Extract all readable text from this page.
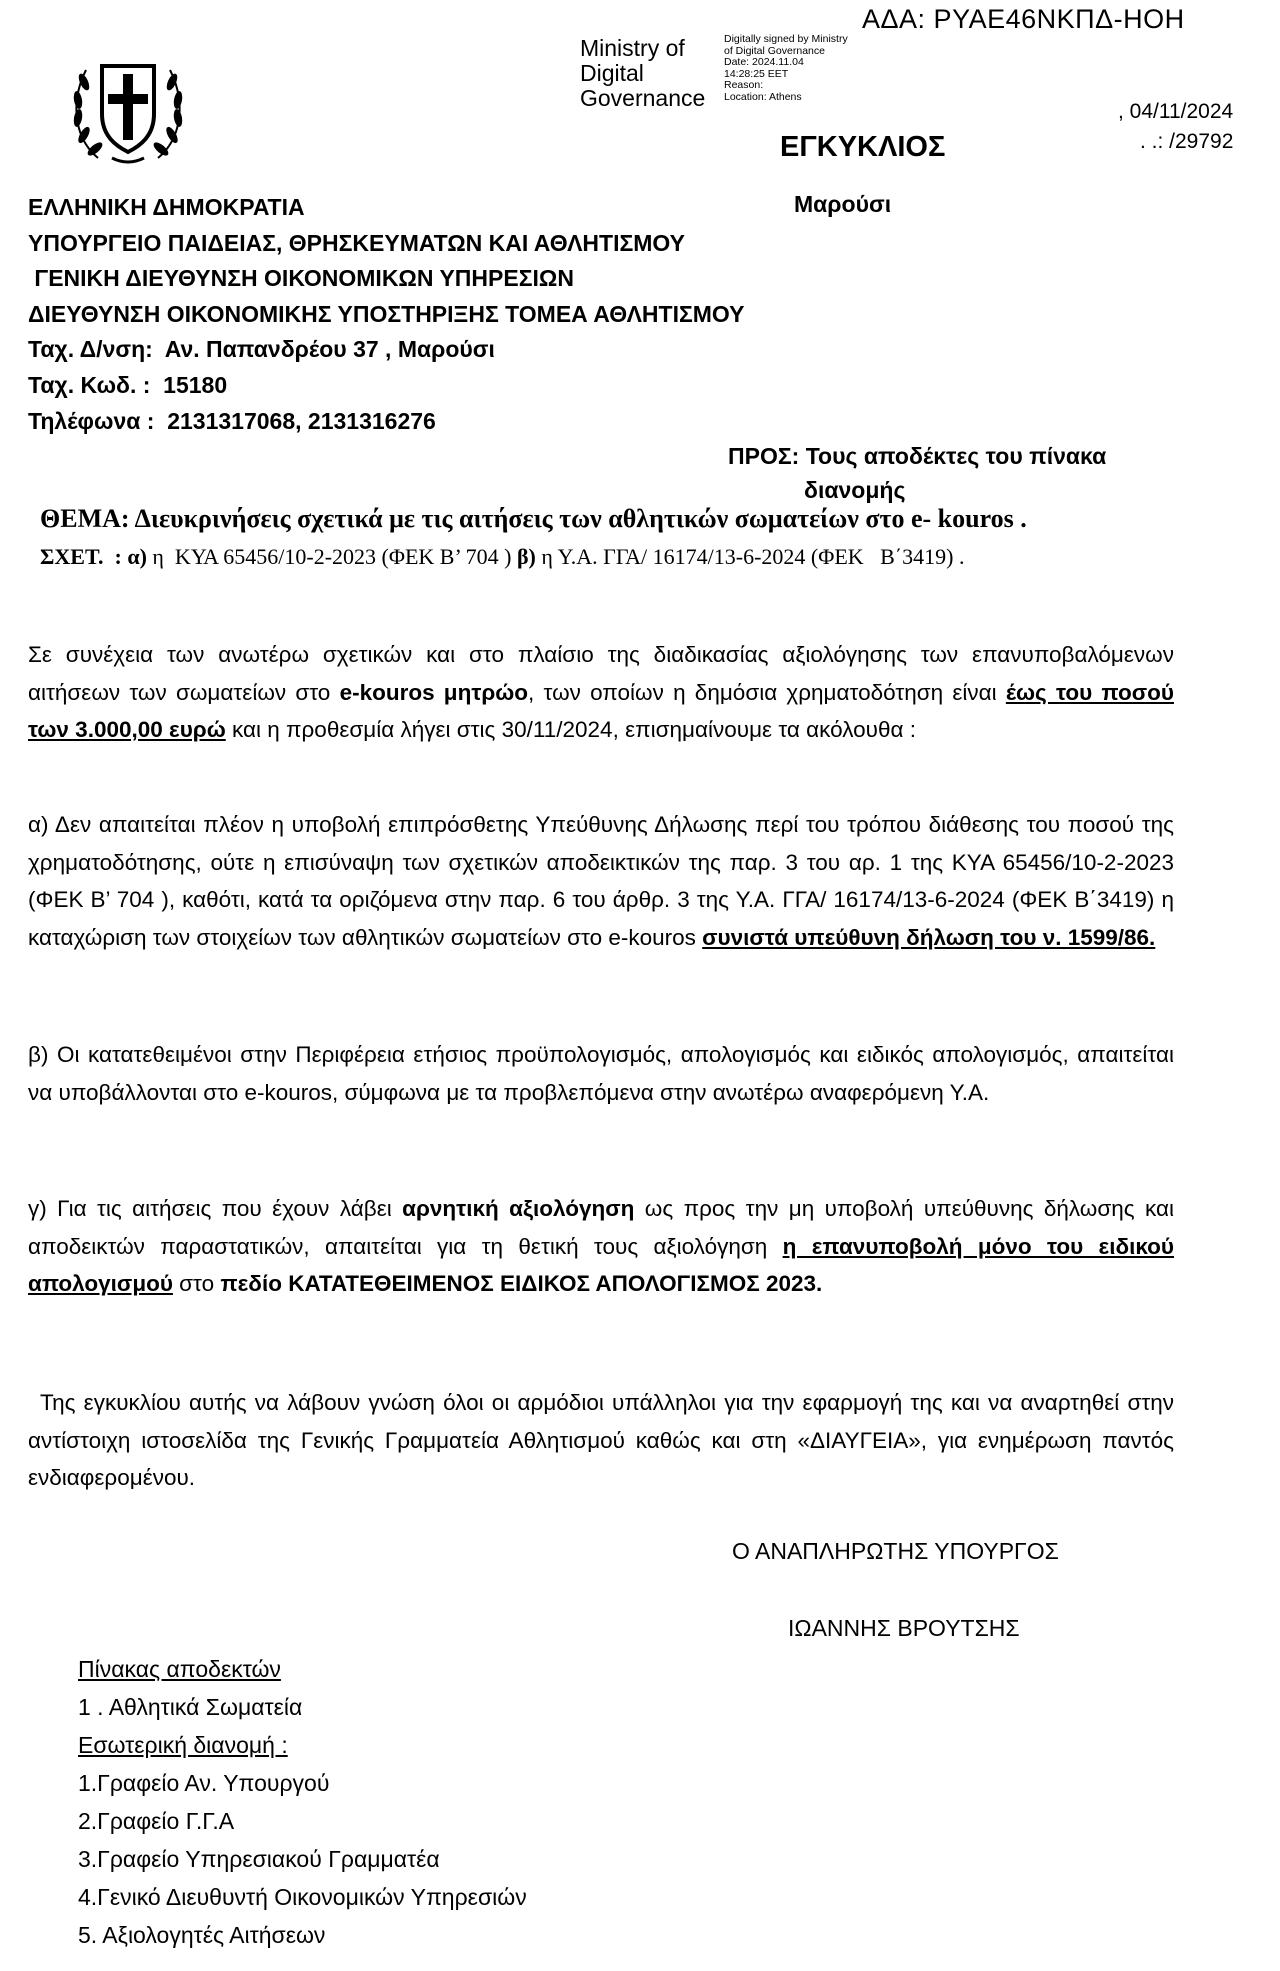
Ministry of
Digital
Governance
Digitally signed by Ministry
of Digital Governance
Date: 2024.11.04
14:28:25 EET
Reason:
Location: Athens
ΑΔΑ: ΡΥΑΕ46ΝΚΠΔ-ΗΟΗ
, 04/11/2024
. .: /29792
ΕΓΚΥΚΛΙΟΣ
Μαρούσι
ΕΛΛΗΝΙΚΗ ΔΗΜΟΚΡΑΤΙΑ
ΥΠΟΥΡΓΕΙΟ ΠΑΙΔΕΙΑΣ, ΘΡΗΣΚΕΥΜΑΤΩΝ ΚΑΙ ΑΘΛΗΤΙΣΜΟΥ
ΓΕΝΙΚΗ ΔΙΕΥΘΥΝΣΗ ΟΙΚΟΝΟΜΙΚΩΝ ΥΠΗΡΕΣΙΩΝ
ΔΙΕΥΘΥΝΣΗ ΟΙΚΟΝΟΜΙΚΗΣ ΥΠΟΣΤΗΡΙΞΗΣ ΤΟΜΕΑ ΑΘΛΗΤΙΣΜΟΥ
Ταχ. Δ/νση:  Αν. Παπανδρέου 37 , Μαρούσι
Ταχ. Κωδ. :  15180
Τηλέφωνα :  2131317068, 2131316276
ΠΡΟΣ: Τους αποδέκτες του πίνακα
διανομής
ΘΕΜΑ: Διευκρινήσεις σχετικά με τις αιτήσεις των αθλητικών σωματείων στο e- kouros .
ΣΧΕΤ.  : α) η  ΚΥΑ 65456/10-2-2023 (ΦΕΚ Β’ 704 ) β) η Υ.Α. ΓΓΑ/ 16174/13-6-2024 (ΦΕΚ   Β΄3419) .
Σε συνέχεια των ανωτέρω σχετικών και στο πλαίσιο της διαδικασίας αξιολόγησης των επανυποβαλόμενων αιτήσεων των σωματείων στο e-kouros μητρώο, των οποίων η δημόσια χρηματοδότηση είναι έως του ποσού των 3.000,00 ευρώ και η προθεσμία λήγει στις 30/11/2024, επισημαίνουμε τα ακόλουθα :
α) Δεν απαιτείται πλέον η υποβολή επιπρόσθετης Υπεύθυνης Δήλωσης περί του τρόπου διάθεσης του ποσού της χρηματοδότησης, ούτε η επισύναψη των σχετικών αποδεικτικών της παρ. 3 του αρ. 1 της ΚΥΑ 65456/10-2-2023 (ΦΕΚ Β’ 704 ), καθότι, κατά τα οριζόμενα στην παρ. 6 του άρθρ. 3 της Υ.Α. ΓΓΑ/ 16174/13-6-2024 (ΦΕΚ Β΄3419) η καταχώριση των στοιχείων των αθλητικών σωματείων στο e-kouros συνιστά υπεύθυνη δήλωση του ν. 1599/86.
β) Οι κατατεθειμένοι στην Περιφέρεια ετήσιος προϋπολογισμός, απολογισμός και ειδικός απολογισμός, απαιτείται να υποβάλλονται στο e-kouros, σύμφωνα με τα προβλεπόμενα στην ανωτέρω αναφερόμενη Υ.Α.
γ) Για τις αιτήσεις που έχουν λάβει αρνητική αξιολόγηση ως προς την μη υποβολή υπεύθυνης δήλωσης και αποδεικτών παραστατικών, απαιτείται για τη θετική τους αξιολόγηση η επανυποβολή μόνο του ειδικού απολογισμού στο πεδίο ΚΑΤΑΤΕΘΕΙΜΕΝΟΣ ΕΙΔΙΚΟΣ ΑΠΟΛΟΓΙΣΜΟΣ 2023.
Της εγκυκλίου αυτής να λάβουν γνώση όλοι οι αρμόδιοι υπάλληλοι για την εφαρμογή της και να αναρτηθεί στην αντίστοιχη ιστοσελίδα της Γενικής Γραμματεία Αθλητισμού καθώς και στη «ΔΙΑΥΓΕΙΑ», για ενημέρωση παντός ενδιαφερομένου.
Ο ΑΝΑΠΛΗΡΩΤΗΣ ΥΠΟΥΡΓΟΣ
ΙΩΑΝΝΗΣ ΒΡΟΥΤΣΗΣ
Πίνακας αποδεκτών
1 . Αθλητικά Σωματεία
Εσωτερική διανομή :
1.Γραφείο Αν. Υπουργού
2.Γραφείο Γ.Γ.Α
3.Γραφείο Υπηρεσιακού Γραμματέα
4.Γενικό Διευθυντή Οικονομικών Υπηρεσιών
5. Αξιολογητές Αιτήσεων
